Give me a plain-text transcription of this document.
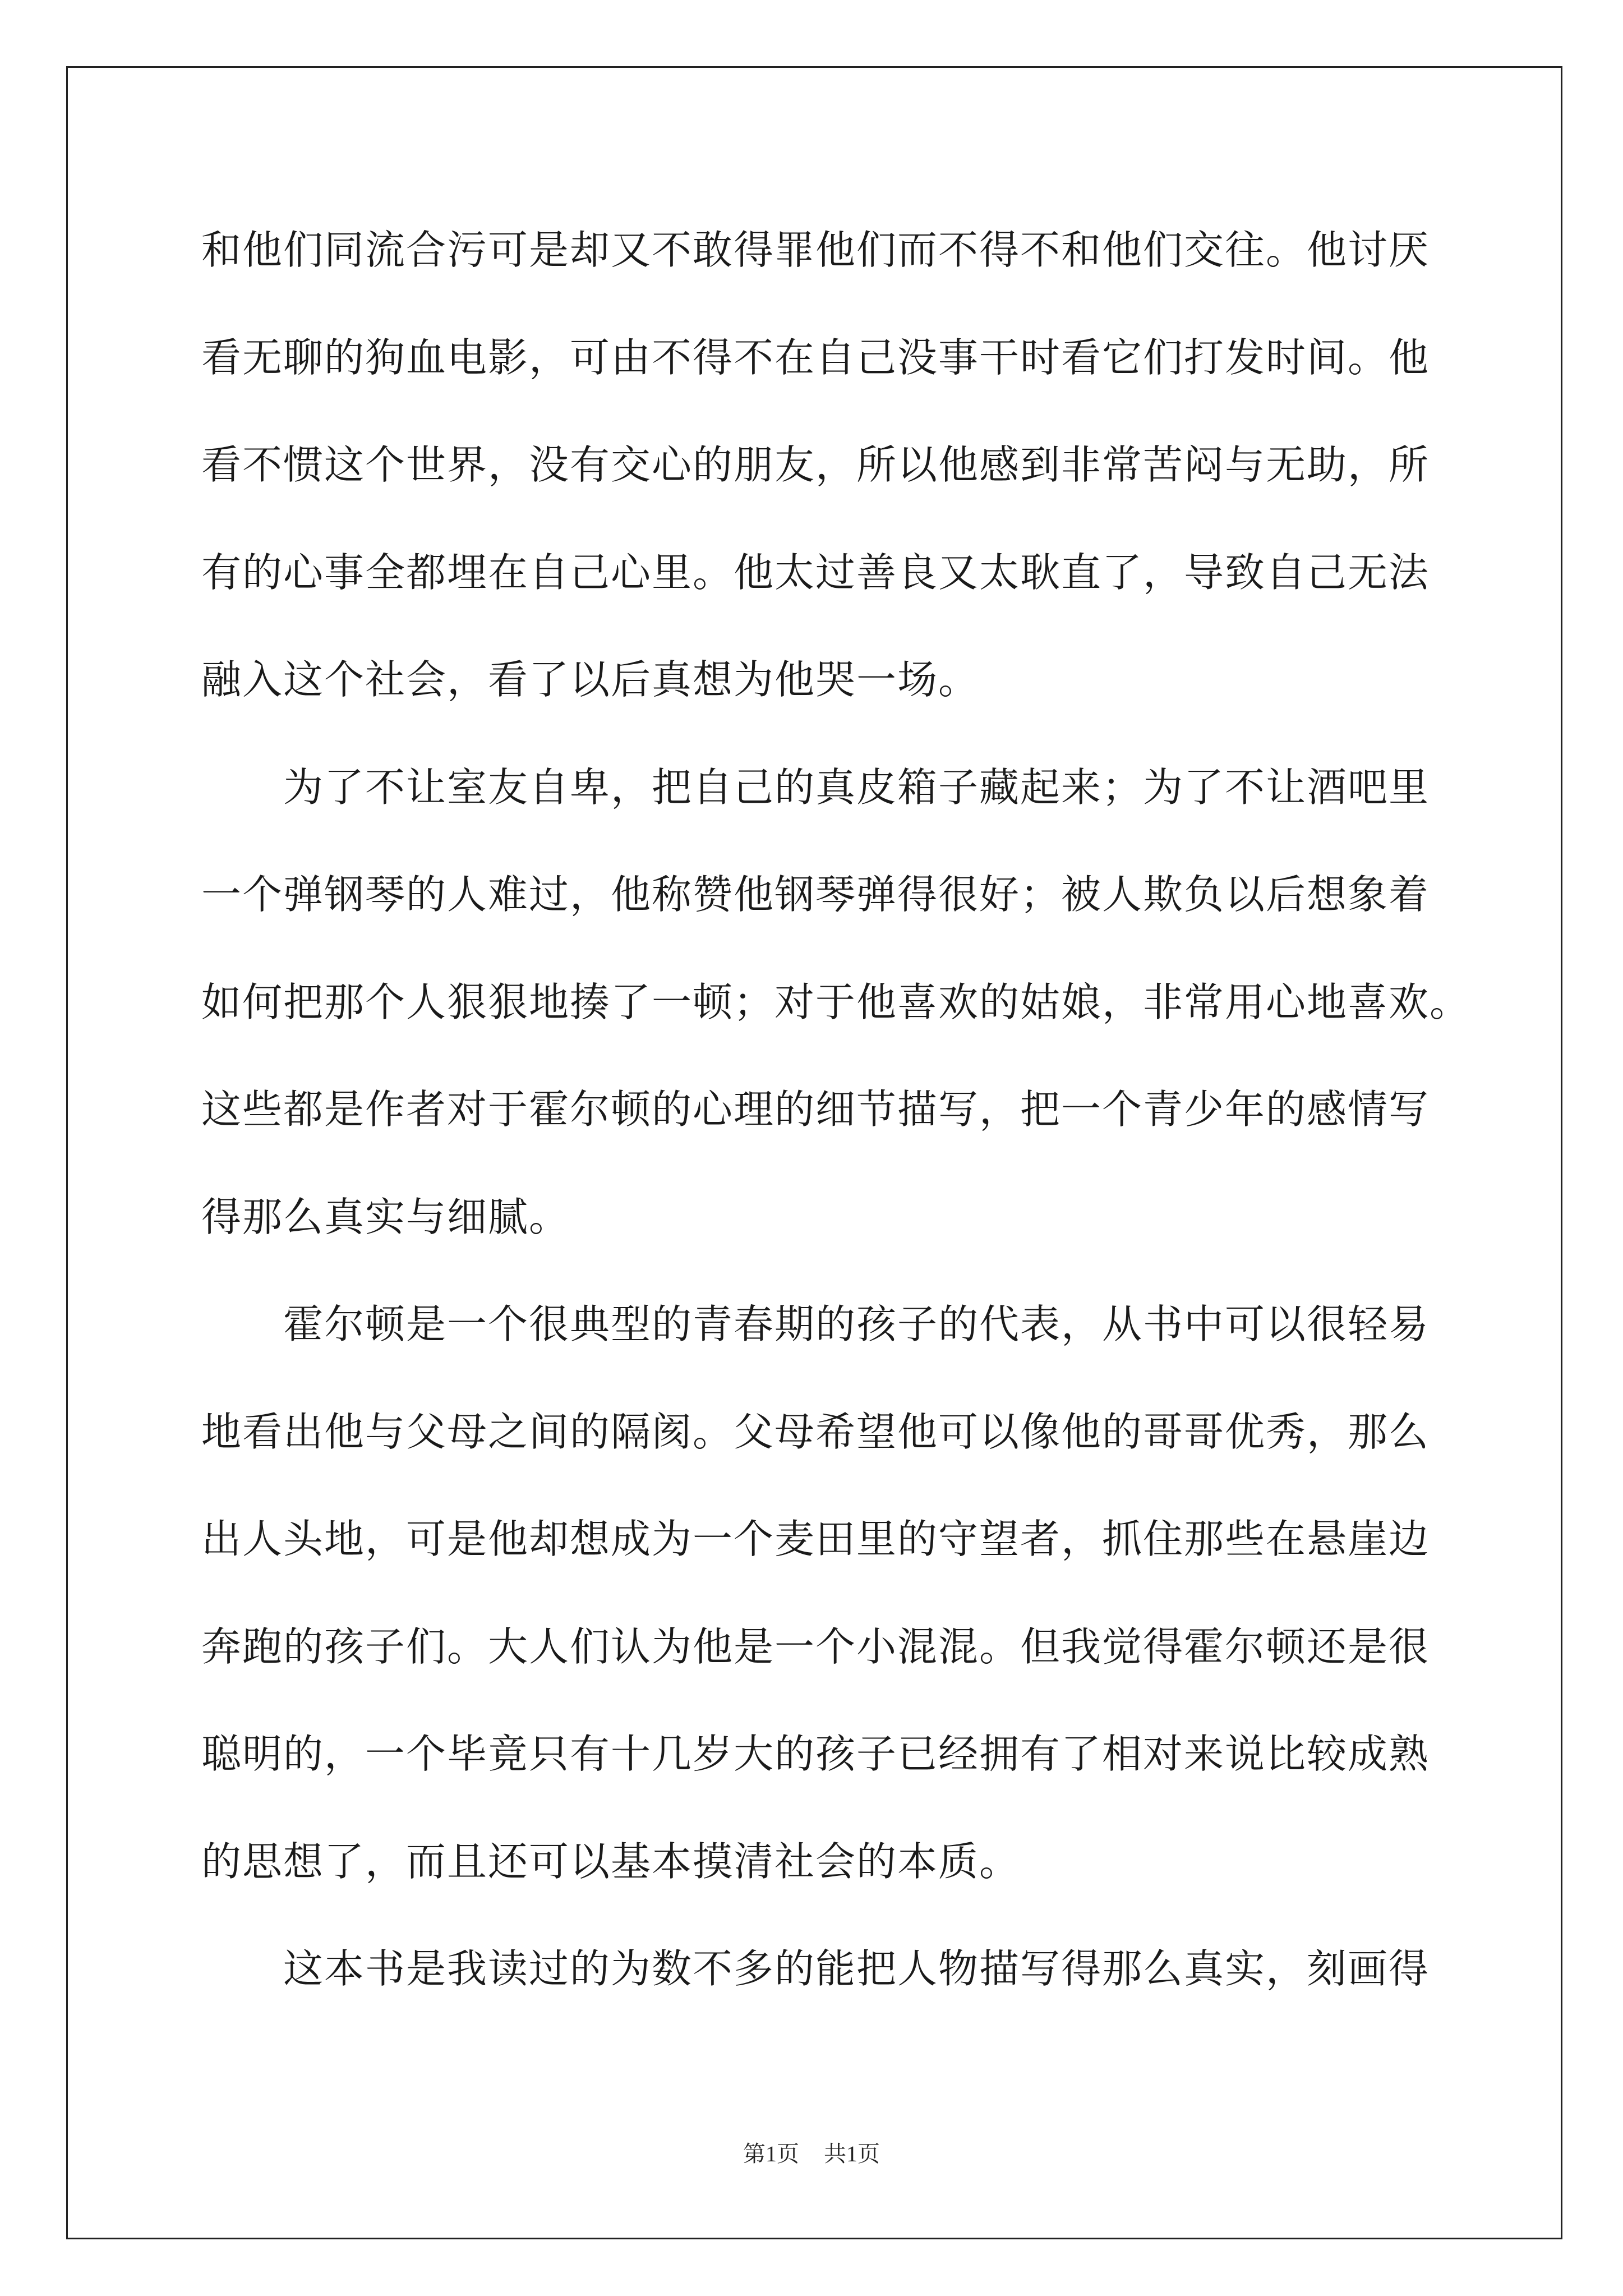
和他们同流合污可是却又不敢得罪他们而不得不和他们交往。他讨厌
看无聊的狗血电影，可由不得不在自己没事干时看它们打发时间。他
看不惯这个世界，没有交心的朋友，所以他感到非常苦闷与无助，所
有的心事全都埋在自己心里。他太过善良又太耿直了，导致自己无法
融入这个社会，看了以后真想为他哭一场。
为了不让室友自卑，把自己的真皮箱子藏起来；为了不让酒吧里
一个弹钢琴的人难过，他称赞他钢琴弹得很好；被人欺负以后想象着
如何把那个人狠狠地揍了一顿；对于他喜欢的姑娘，非常用心地喜欢。
这些都是作者对于霍尔顿的心理的细节描写，把一个青少年的感情写
得那么真实与细腻。
霍尔顿是一个很典型的青春期的孩子的代表，从书中可以很轻易
地看出他与父母之间的隔阂。父母希望他可以像他的哥哥优秀，那么
出人头地，可是他却想成为一个麦田里的守望者，抓住那些在悬崖边
奔跑的孩子们。大人们认为他是一个小混混。但我觉得霍尔顿还是很
聪明的，一个毕竟只有十几岁大的孩子已经拥有了相对来说比较成熟
的思想了，而且还可以基本摸清社会的本质。
这本书是我读过的为数不多的能把人物描写得那么真实，刻画得
第1页 共1页
